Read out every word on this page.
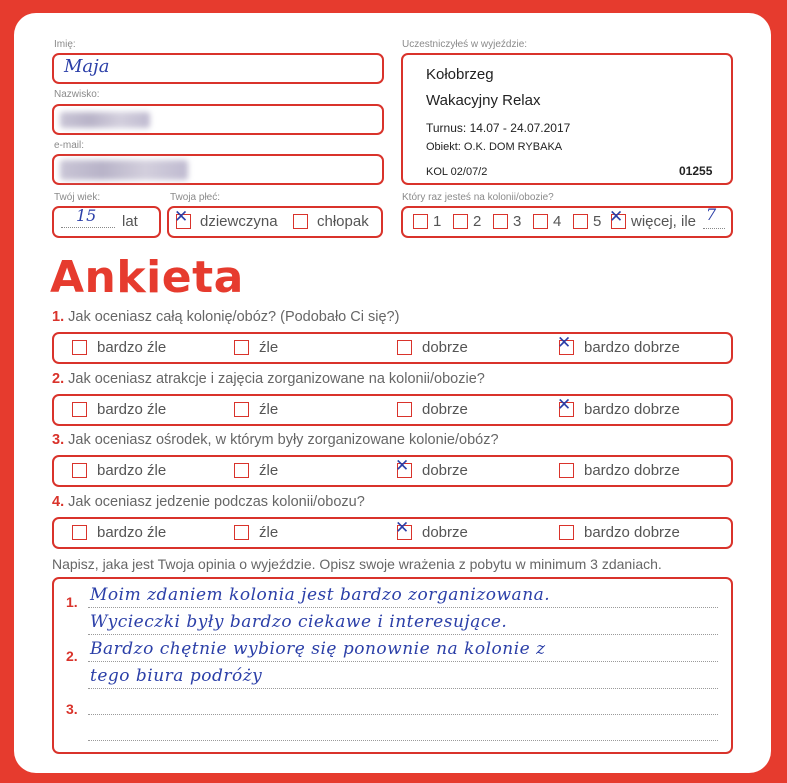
Imię:
Maja
Nazwisko:
e-mail:
Twój wiek:
15 lat
Twoja płeć:
✕ dziewczyna	chłopak
Uczestniczyłeś w wyjeździe:
Kołobrzeg
Wakacyjny Relax
Turnus: 14.07 - 24.07.2017
Obiekt: O.K. DOM RYBAKA
KOL 02/07/2	01255
Który raz jesteś na kolonii/obozie?
1 2 3 4 5 ✕ więcej, ile 7
Ankieta
1. Jak oceniasz całą kolonię/obóz? (Podobało Ci się?)
2. Jak oceniasz atrakcje i zajęcia zorganizowane na kolonii/obozie?
3. Jak oceniasz ośrodek, w którym były zorganizowane kolonie/obóz?
4. Jak oceniasz jedzenie podczas kolonii/obozu?
bardzo źle	źle	dobrze	✕ bardzo dobrze
bardzo źle	źle	dobrze	✕ bardzo dobrze
bardzo źle	źle	✕ dobrze	bardzo dobrze
bardzo źle	źle	✕ dobrze	bardzo dobrze
Napisz, jaka jest Twoja opinia o wyjeździe. Opisz swoje wrażenia z pobytu w minimum 3 zdaniach.
1.
2.
3.
Moim zdaniem kolonia jest bardzo zorganizowana.
Wycieczki były bardzo ciekawe i interesujące.
Bardzo chętnie wybiorę się ponownie na kolonie z
tego biura podróży
